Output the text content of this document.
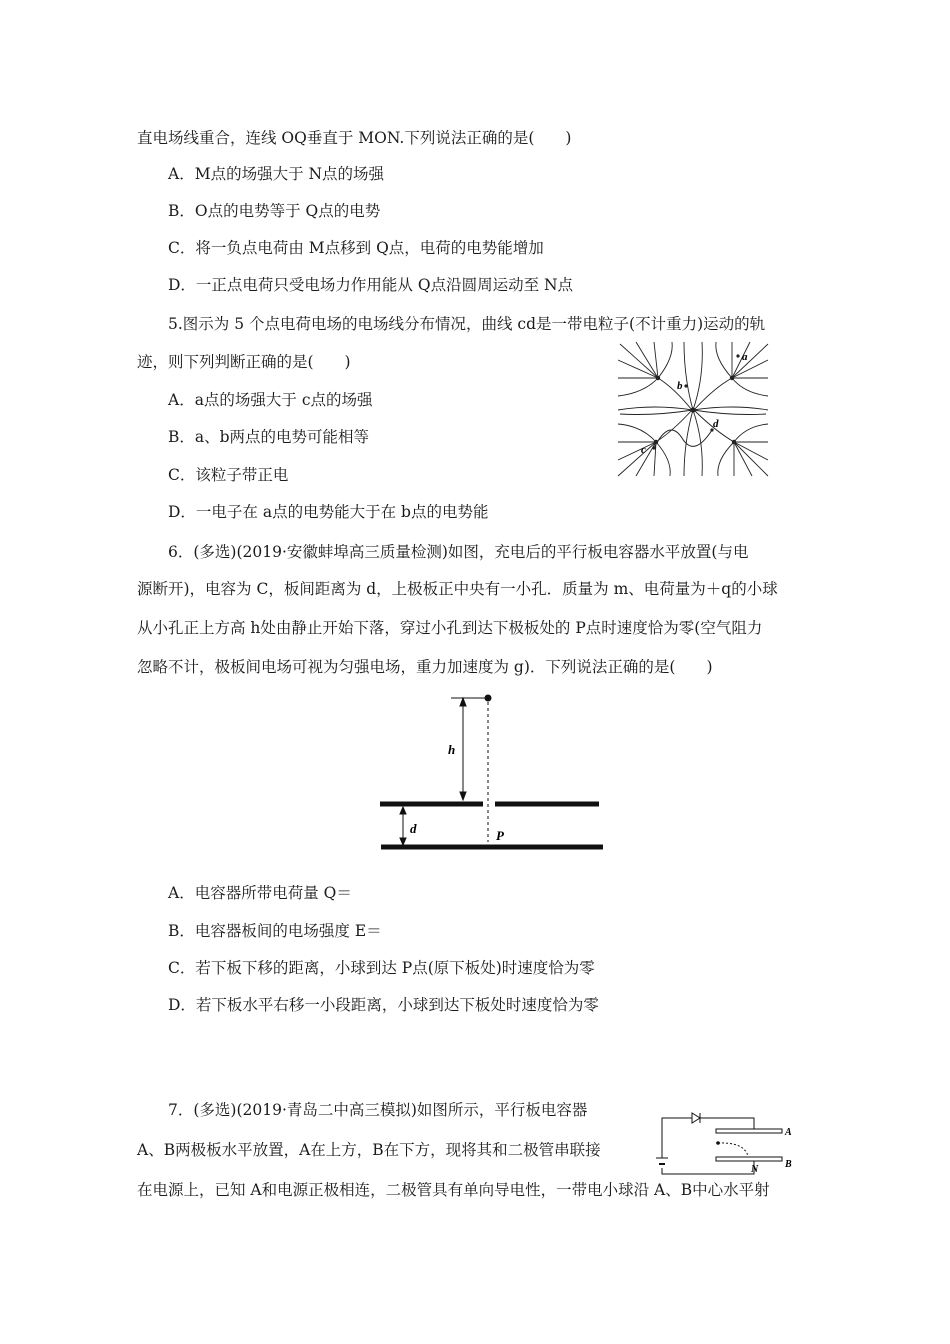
直电场线重合，连线 OQ垂直于 MON.下列说法正确的是(　　)
A．M点的场强大于 N点的场强
B．O点的电势等于 Q点的电势
C．将一负点电荷由 M点移到 Q点，电荷的电势能增加
D．一正点电荷只受电场力作用能从 Q点沿圆周运动至 N点
5.图示为 5 个点电荷电场的电场线分布情况，曲线 cd是一带电粒子(不计重力)运动的轨
迹，则下列判断正确的是(　　)
A．a点的场强大于 c点的场强
B．a、b两点的电势可能相等
C．该粒子带正电
D．一电子在 a点的电势能大于在 b点的电势能
a
b
c
d
6．(多选)(2019·安徽蚌埠高三质量检测)如图，充电后的平行板电容器水平放置(与电
源断开)，电容为 C，板间距离为 d，上极板正中央有一小孔．质量为 m、电荷量为＋q的小球
从小孔正上方高 h处由静止开始下落，穿过小孔到达下极板处的 P点时速度恰为零(空气阻力
忽略不计，极板间电场可视为匀强电场，重力加速度为 g)．下列说法正确的是(　　)
h
d	P
A．电容器所带电荷量 Q＝
B．电容器板间的电场强度 E＝
C．若下板下移的距离，小球到达 P点(原下板处)时速度恰为零
D．若下板水平右移一小段距离，小球到达下板处时速度恰为零
7．(多选)(2019·青岛二中高三模拟)如图所示，平行板电容器
A、B两极板水平放置，A在上方，B在下方，现将其和二极管串联接
在电源上，已知 A和电源正极相连，二极管具有单向导电性，一带电小球沿 A、B中心水平射
A
B
N
